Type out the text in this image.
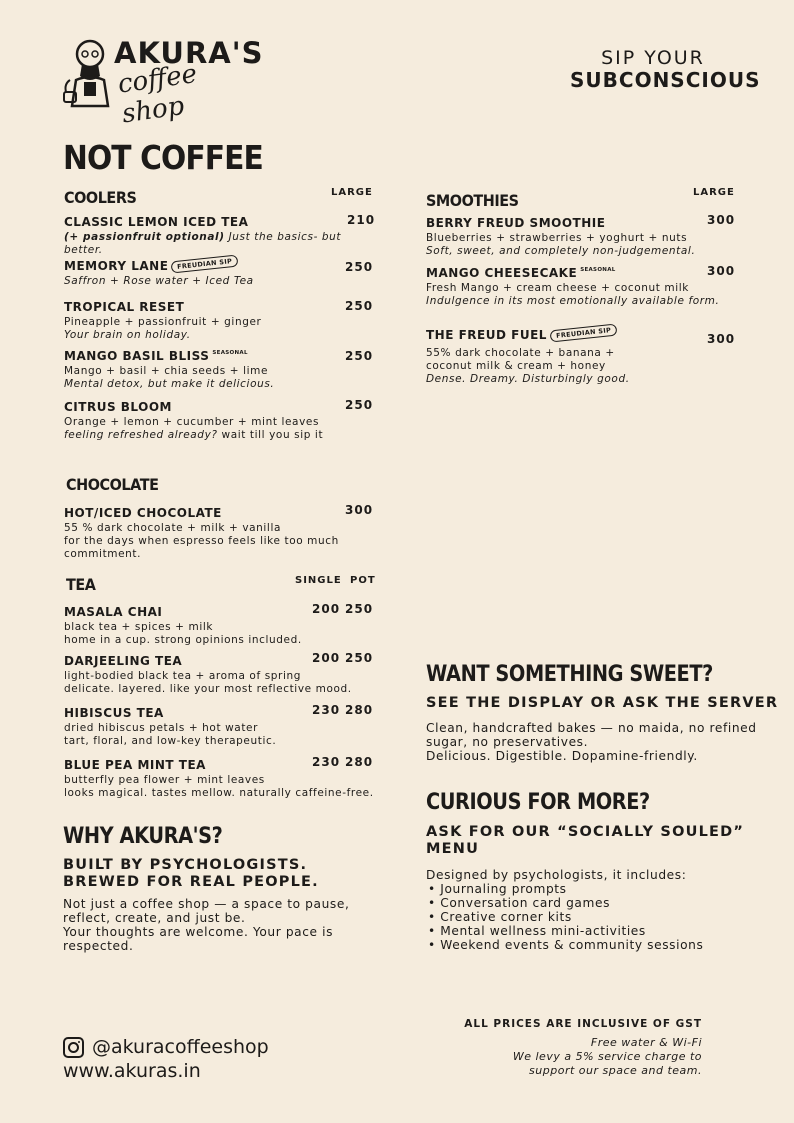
AKURA'S
coffee shop
SIP YOUR
SUBCONSCIOUS
NOT COFFEE
COOLERS	LARGE
CLASSIC LEMON ICED TEA
(+ passionfruit optional) Just the basics- but better.
210
MEMORY LANE FREUDIAN SIP
Saffron + Rose water + Iced Tea
250
TROPICAL RESET
Pineapple + passionfruit + ginger
Your brain on holiday.
250
MANGO BASIL BLISS $^{SEASONAL}$
Mango + basil + chia seeds + lime
Mental detox, but make it delicious.
250
CITRUS BLOOM
Orange + lemon + cucumber + mint leaves
feeling refreshed already? wait till you sip it
250
CHOCOLATE
HOT/ICED CHOCOLATE
55 % dark chocolate + milk + vanilla
for the days when espresso feels like too much
commitment.
300
TEA	SINGLE POT
MASALA CHAI
black tea + spices + milk
home in a cup. strong opinions included.
200 250
DARJEELING TEA
light-bodied black tea + aroma of spring
delicate. layered. like your most reflective mood.
200 250
HIBISCUS TEA
dried hibiscus petals + hot water
tart, floral, and low-key therapeutic.
230 280
BLUE PEA MINT TEA
butterfly pea flower + mint leaves
looks magical. tastes mellow. naturally caffeine-free.
230 280
WHY AKURA'S?
BUILT BY PSYCHOLOGISTS.
BREWED FOR REAL PEOPLE.
Not just a coffee shop — a space to pause,
reflect, create, and just be.
Your thoughts are welcome. Your pace is
respected.
SMOOTHIES	LARGE
BERRY FREUD SMOOTHIE
Blueberries + strawberries + yoghurt + nuts
Soft, sweet, and completely non-judgemental.
300
MANGO CHEESECAKE $^{SEASONAL}$
Fresh Mango + cream cheese + coconut milk
Indulgence in its most emotionally available form.
300
THE FREUD FUEL FREUDIAN SIP
55% dark chocolate + banana +
coconut milk & cream + honey
Dense. Dreamy. Disturbingly good.
300
WANT SOMETHING SWEET?
SEE THE DISPLAY OR ASK THE SERVER
Clean, handcrafted bakes — no maida, no refined
sugar, no preservatives.
Delicious. Digestible. Dopamine-friendly.
CURIOUS FOR MORE?
ASK FOR OUR “SOCIALLY SOULED”
MENU
Designed by psychologists, it includes:
• Journaling prompts
• Conversation card games
• Creative corner kits
• Mental wellness mini-activities
• Weekend events & community sessions
@akuracoffeeshop
www.akuras.in
ALL PRICES ARE INCLUSIVE OF GST
Free water & Wi-Fi
We levy a 5% service charge to
support our space and team.
